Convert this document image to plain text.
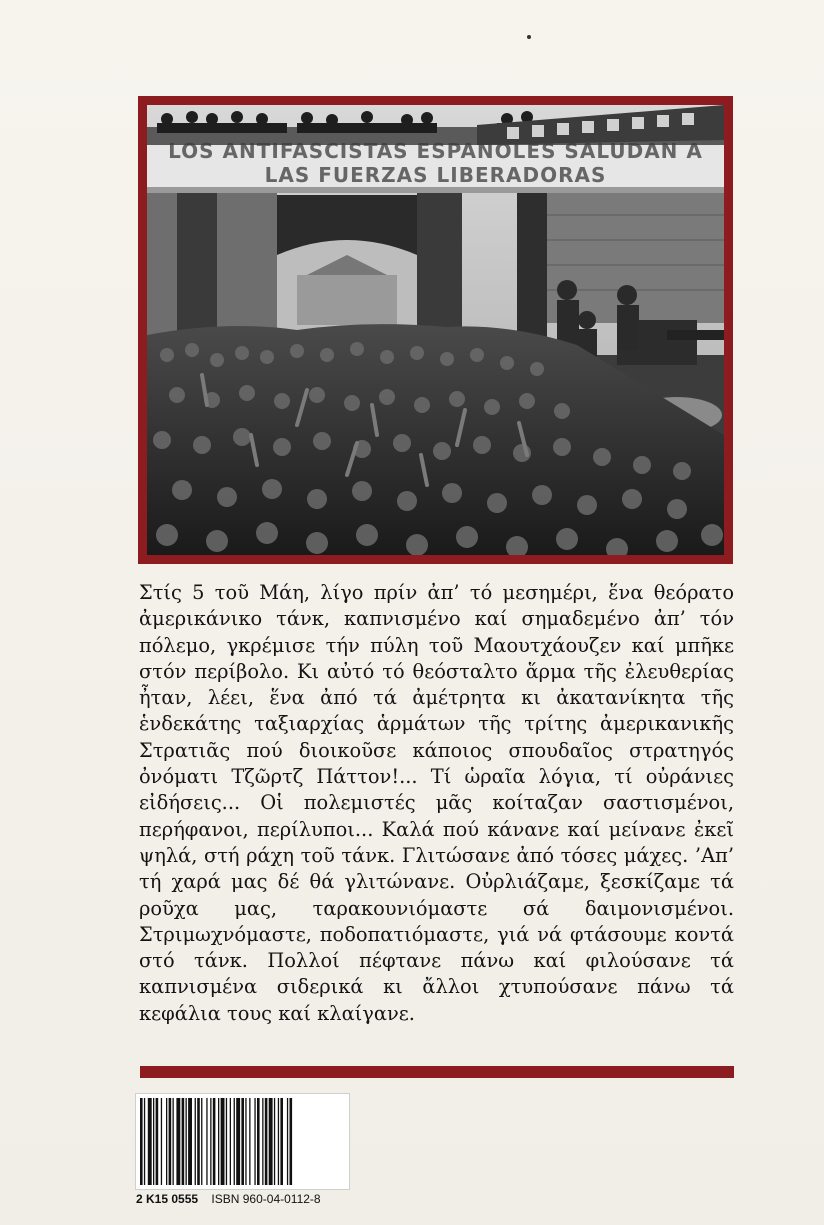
LOS ANTIFASCISTAS ESPAÑOLES SALUDAN A LAS FUERZAS LIBERADORAS

Στίς 5 τοῦ Μάη, λίγο πρίν ἀπ’ τό μεσημέρι, ἕνα θεόρατο ἀμερικάνικο τάνκ, καπνισμένο καί σημαδεμένο ἀπ’ τόν πόλεμο, γκρέμισε τήν πύλη τοῦ Μαουτχάουζεν καί μπῆκε στόν περίβολο. Κι αὐτό τό θεόσταλτο ἅρμα τῆς ἐλευθερίας ἦταν, λέει, ἕνα ἀπό τά ἀμέτρητα κι ἀκατανίκητα τῆς ἑνδεκάτης ταξιαρχίας ἁρμάτων τῆς τρίτης ἀμερικανικῆς Στρατιᾶς πού διοικοῦσε κάποιος σπουδαῖος στρατηγός ὀνόματι Τζῶρτζ Πάττον!... Τί ὡραῖα λόγια, τί οὐράνιες εἰδήσεις... Οἱ πολεμιστές μᾶς κοίταζαν σαστισμένοι, περήφανοι, περίλυποι... Καλά πού κάνανε καί μείνανε ἐκεῖ ψηλά, στή ράχη τοῦ τάνκ. Γλιτώσανε ἀπό τόσες μάχες. ’Απ’ τή χαρά μας δέ θά γλιτώνανε. Οὐρλιάζαμε, ξεσκίζαμε τά ροῦχα μας, ταρακουνιόμαστε σά δαιμονισμένοι. Στριμωχνόμαστε, ποδοπατιόμαστε, γιά νά φτάσουμε κοντά στό τάνκ. Πολλοί πέφτανε πάνω καί φιλούσανε τά καπνισμένα σιδερικά κι ἄλλοι χτυπούσανε πάνω τά κεφάλια τους καί κλαίγανε.

2 K15 0555 ISBN 960-04-0112-8
